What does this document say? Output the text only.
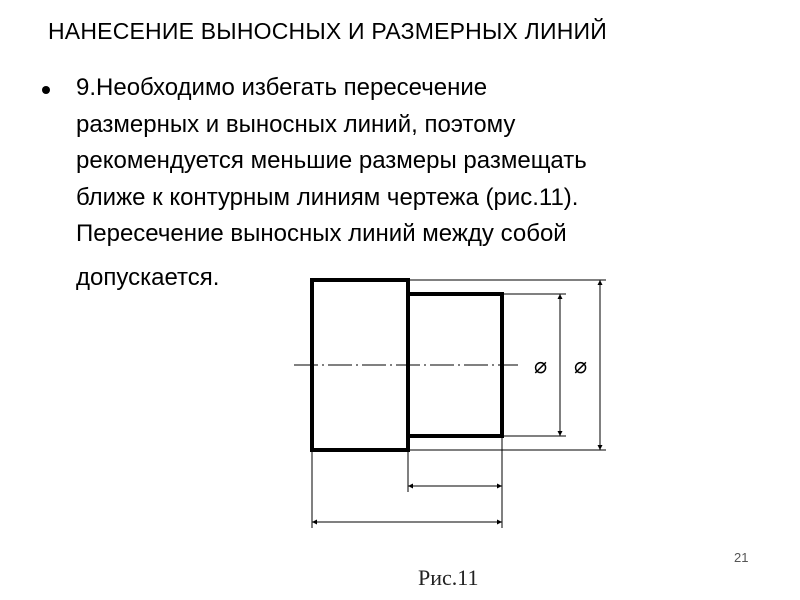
НАНЕСЕНИЕ ВЫНОСНЫХ И РАЗМЕРНЫХ ЛИНИЙ
9.Необходимо избегать пересечение
размерных и выносных линий, поэтому
рекомендуется меньшие размеры размещать
ближе к контурным линиям чертежа (рис.11).
Пересечение выносных линий между собой
допускается.
⌀ ⌀
21
Рис.11
